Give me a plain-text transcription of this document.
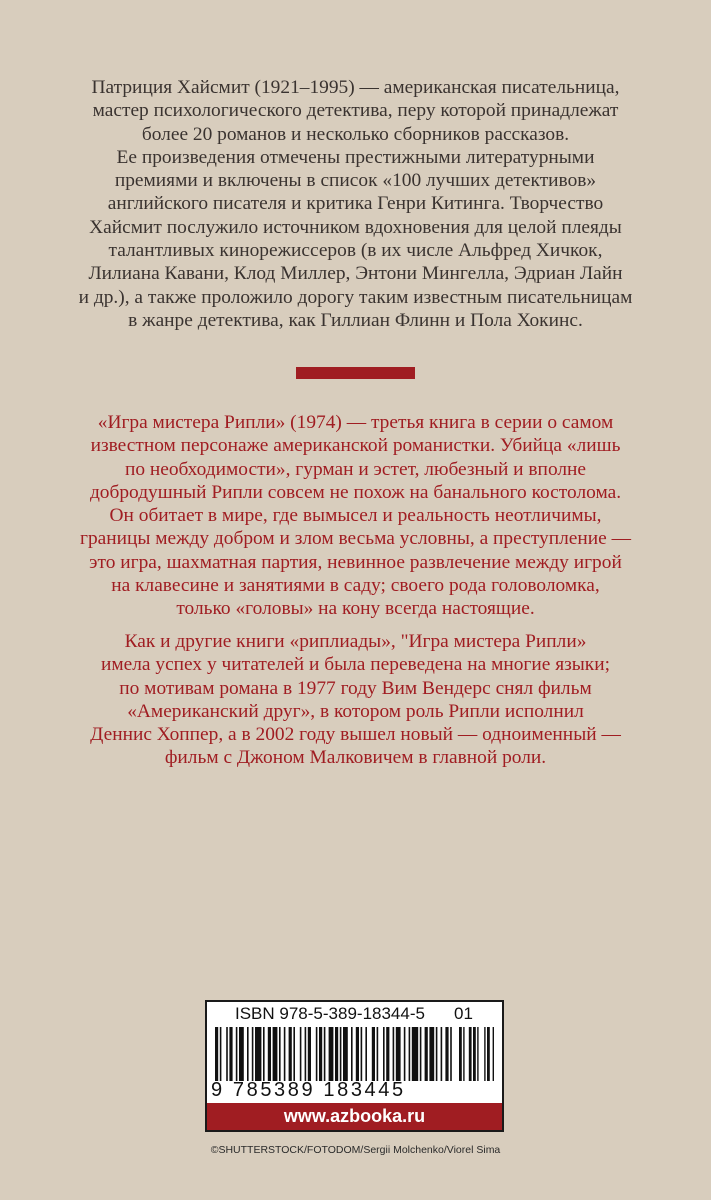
Патриция Хайсмит (1921–1995) — американская писательница,

мастер психологического детектива, перу которой принадлежат

более 20 романов и несколько сборников рассказов.

Ее произведения отмечены престижными литературными

премиями и включены в список «100 лучших детективов»

английского писателя и критика Генри Китинга. Творчество

Хайсмит послужило источником вдохновения для целой плеяды

талантливых кинорежиссеров (в их числе Альфред Хичкок,

Лилиана Кавани, Клод Миллер, Энтони Мингелла, Эдриан Лайн

и др.), а также проложило дорогу таким известным писательницам

в жанре детектива, как Гиллиан Флинн и Пола Хокинс.

«Игра мистера Рипли» (1974) — третья книга в серии о самом

известном персонаже американской романистки. Убийца «лишь

по необходимости», гурман и эстет, любезный и вполне

добродушный Рипли совсем не похож на банального костолома.

Он обитает в мире, где вымысел и реальность неотличимы,

границы между добром и злом весьма условны, а преступление —

это игра, шахматная партия, невинное развлечение между игрой

на клавесине и занятиями в саду; своего рода головоломка,

только «головы» на кону всегда настоящие.

Как и другие книги «риплиады», "Игра мистера Рипли»

имела успех у читателей и была переведена на многие языки;

по мотивам романа в 1977 году Вим Вендерс снял фильм

«Американский друг», в котором роль Рипли исполнил

Деннис Хоппер, а в 2002 году вышел новый — одноименный —

фильм с Джоном Малковичем в главной роли.

ISBN 978-5-389-18344-5 01
9 785389 183445
www.azbooka.ru
©SHUTTERSTOCK/FOTODOM/Sergii Molchenko/Viorel Sima
